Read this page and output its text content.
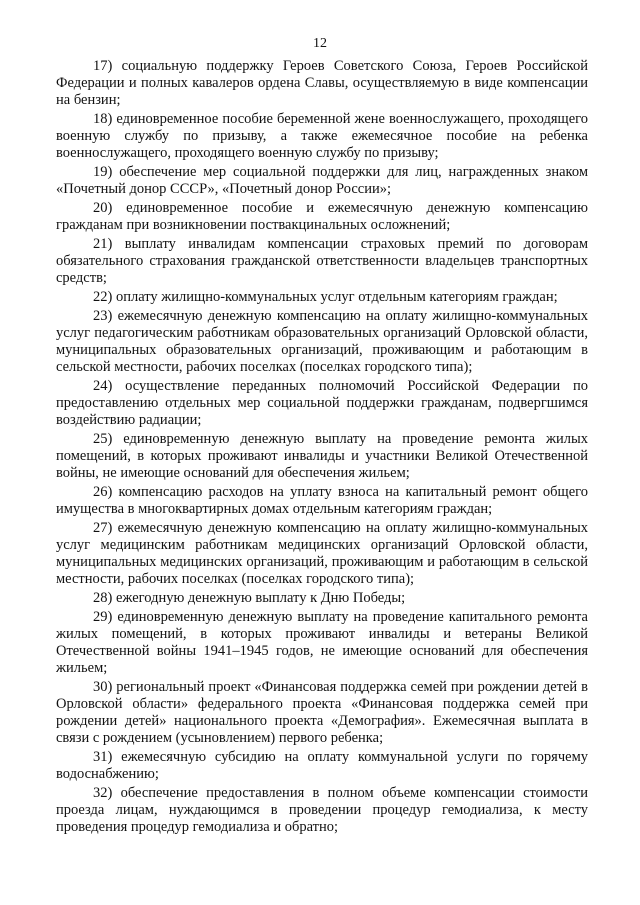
12

17) социальную поддержку Героев Советского Союза, Героев Российской Федерации и полных кавалеров ордена Славы, осуществляемую в виде компенсации на бензин;

18) единовременное пособие беременной жене военнослужащего, проходящего военную службу по призыву, а также ежемесячное пособие на ребенка военнослужащего, проходящего военную службу по призыву;

19) обеспечение мер социальной поддержки для лиц, награжденных знаком «Почетный донор СССР», «Почетный донор России»;

20) единовременное пособие и ежемесячную денежную компенсацию гражданам при возникновении поствакцинальных осложнений;

21) выплату инвалидам компенсации страховых премий по договорам обязательного страхования гражданской ответственности владельцев транспортных средств;

22) оплату жилищно-коммунальных услуг отдельным категориям граждан;

23) ежемесячную денежную компенсацию на оплату жилищно-коммунальных услуг педагогическим работникам образовательных организаций Орловской области, муниципальных образовательных организаций, проживающим и работающим в сельской местности, рабочих поселках (поселках городского типа);

24) осуществление переданных полномочий Российской Федерации по предоставлению отдельных мер социальной поддержки гражданам, подвергшимся воздействию радиации;

25) единовременную денежную выплату на проведение ремонта жилых помещений, в которых проживают инвалиды и участники Великой Отечественной войны, не имеющие оснований для обеспечения жильем;

26) компенсацию расходов на уплату взноса на капитальный ремонт общего имущества в многоквартирных домах отдельным категориям граждан;

27) ежемесячную денежную компенсацию на оплату жилищно-коммунальных услуг медицинским работникам медицинских организаций Орловской области, муниципальных медицинских организаций, проживающим и работающим в сельской местности, рабочих поселках (поселках городского типа);

28) ежегодную денежную выплату к Дню Победы;

29) единовременную денежную выплату на проведение капитального ремонта жилых помещений, в которых проживают инвалиды и ветераны Великой Отечественной войны 1941–1945 годов, не имеющие оснований для обеспечения жильем;

30) региональный проект «Финансовая поддержка семей при рождении детей в Орловской области» федерального проекта «Финансовая поддержка семей при рождении детей» национального проекта «Демография». Ежемесячная выплата в связи с рождением (усыновлением) первого ребенка;

31) ежемесячную субсидию на оплату коммунальной услуги по горячему водоснабжению;

32) обеспечение предоставления в полном объеме компенсации стоимости проезда лицам, нуждающимся в проведении процедур гемодиализа, к месту проведения процедур гемодиализа и обратно;
